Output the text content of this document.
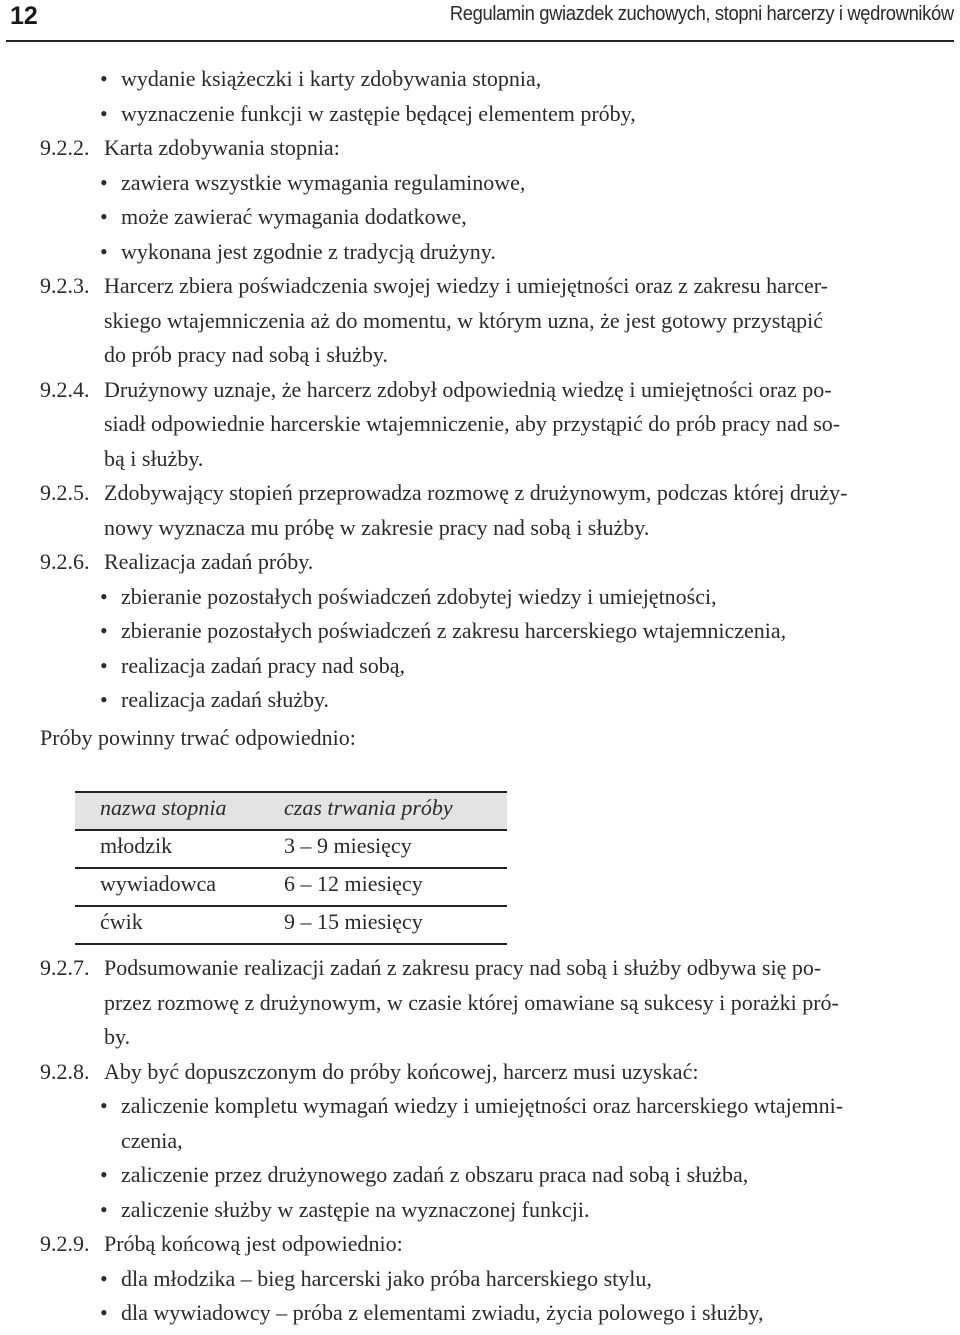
12	Regulamin gwiazdek zuchowych, stopni harcerzy i wędrowników
• wydanie książeczki i karty zdobywania stopnia,
• wyznaczenie funkcji w zastępie będącej elementem próby,
9.2.2. Karta zdobywania stopnia:
• zawiera wszystkie wymagania regulaminowe,
• może zawierać wymagania dodatkowe,
• wykonana jest zgodnie z tradycją drużyny.
9.2.3. Harcerz zbiera poświadczenia swojej wiedzy i umiejętności oraz z zakresu harcer-
skiego wtajemniczenia aż do momentu, w którym uzna, że jest gotowy przystąpić
do prób pracy nad sobą i służby.
9.2.4. Drużynowy uznaje, że harcerz zdobył odpowiednią wiedzę i umiejętności oraz po-
siadł odpowiednie harcerskie wtajemniczenie, aby przystąpić do prób pracy nad so-
bą i służby.
9.2.5. Zdobywający stopień przeprowadza rozmowę z drużynowym, podczas której druży-
nowy wyznacza mu próbę w zakresie pracy nad sobą i służby.
9.2.6. Realizacja zadań próby.
• zbieranie pozostałych poświadczeń zdobytej wiedzy i umiejętności,
• zbieranie pozostałych poświadczeń z zakresu harcerskiego wtajemniczenia,
• realizacja zadań pracy nad sobą,
• realizacja zadań służby.
Próby powinny trwać odpowiednio:
nazwa stopnia	czas trwania próby
młodzik	3 – 9 miesięcy
wywiadowca	6 – 12 miesięcy
ćwik	9 – 15 miesięcy
9.2.7. Podsumowanie realizacji zadań z zakresu pracy nad sobą i służby odbywa się po-
przez rozmowę z drużynowym, w czasie której omawiane są sukcesy i porażki pró-
by.
9.2.8. Aby być dopuszczonym do próby końcowej, harcerz musi uzyskać:
• zaliczenie kompletu wymagań wiedzy i umiejętności oraz harcerskiego wtajemni-
czenia,
• zaliczenie przez drużynowego zadań z obszaru praca nad sobą i służba,
• zaliczenie służby w zastępie na wyznaczonej funkcji.
9.2.9. Próbą końcową jest odpowiednio:
• dla młodzika – bieg harcerski jako próba harcerskiego stylu,
• dla wywiadowcy – próba z elementami zwiadu, życia polowego i służby,
